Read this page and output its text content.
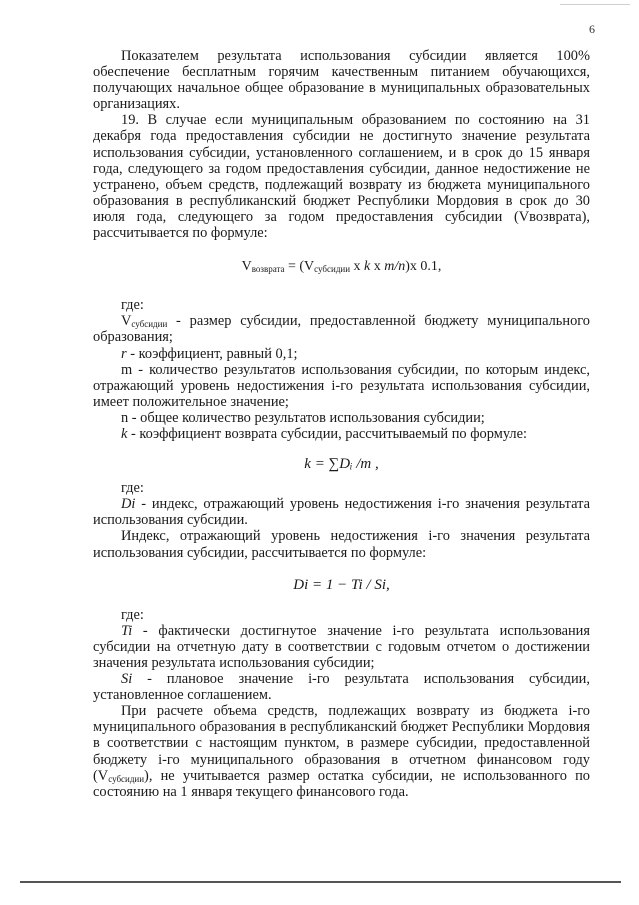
6

Показателем результата использования субсидии является 100% обеспечение бесплатным горячим качественным питанием обучающихся, получающих начальное общее образование в муниципальных образовательных организациях.

19. В случае если муниципальным образованием по состоянию на 31 декабря года предоставления субсидии не достигнуто значение результата использования субсидии, установленного соглашением, и в срок до 15 января года, следующего за годом предоставления субсидии, данное недостижение не устранено, объем средств, подлежащий возврату из бюджета муниципального образования в республиканский бюджет Республики Мордовия в срок до 30 июля года, следующего за годом предоставления субсидии (Vвозврата), рассчитывается по формуле:

$V_{возврата} = (V_{субсидии}$ x k x m/n)x 0.1,

где:

$V_{субсидии}$ - размер субсидии, предоставленной бюджету муниципального образования;

r - коэффициент, равный 0,1;

m - количество результатов использования субсидии, по которым индекс, отражающий уровень недостижения i-го результата использования субсидии, имеет положительное значение;

n - общее количество результатов использования субсидии;

k - коэффициент возврата субсидии, рассчитываемый по формуле:

k = ∑Dᵢ /m ,

где:

Di - индекс, отражающий уровень недостижения i-го значения результата использования субсидии.

Индекс, отражающий уровень недостижения i-го значения результата использования субсидии, рассчитывается по формуле:

Di = 1 − Ti / Si,

где:

Ti - фактически достигнутое значение i-го результата использования субсидии на отчетную дату в соответствии с годовым отчетом о достижении значения результата использования субсидии;

Si - плановое значение i-го результата использования субсидии, установленное соглашением.

При расчете объема средств, подлежащих возврату из бюджета i-го муниципального образования в республиканский бюджет Республики Мордовия в соответствии с настоящим пунктом, в размере субсидии, предоставленной бюджету i-го муниципального образования в отчетном финансовом году $(V_{субсидии})$, не учитывается размер остатка субсидии, не использованного по состоянию на 1 января текущего финансового года.
